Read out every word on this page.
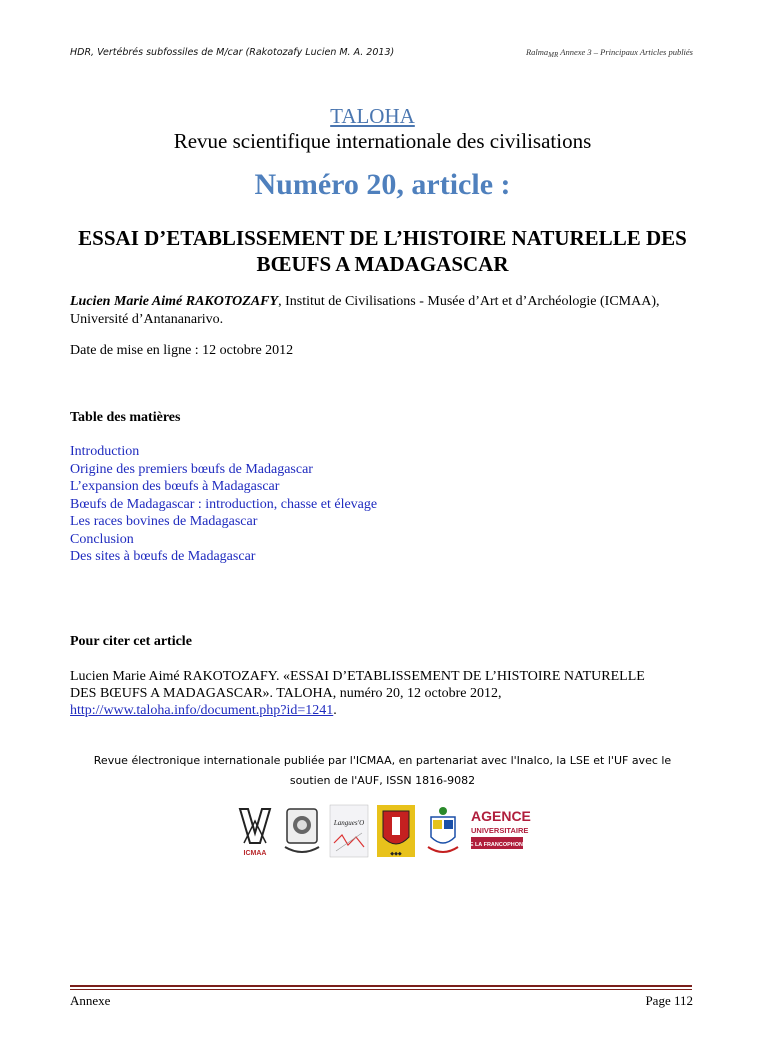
HDR, Vertébrés subfossiles de M/car (Rakotozafy Lucien M. A. 2013)	Ralma$_{MR}$ Annexe 3 – Principaux Articles publiés
TALOHA
Revue scientifique internationale des civilisations
Numéro 20, article :
ESSAI D’ETABLISSEMENT DE L’HISTOIRE NATURELLE DES BŒUFS A MADAGASCAR
Lucien Marie Aimé RAKOTOZAFY, Institut de Civilisations - Musée d’Art et d’Archéologie (ICMAA), Université d’Antananarivo.
Date de mise en ligne : 12 octobre 2012
Table des matières
Introduction
Origine des premiers bœufs de Madagascar
L’expansion des bœufs à Madagascar
Bœufs de Madagascar : introduction, chasse et élevage
Les races bovines de Madagascar
Conclusion
Des sites à bœufs de Madagascar
Pour citer cet article
Lucien Marie Aimé RAKOTOZAFY. «ESSAI D’ETABLISSEMENT DE L’HISTOIRE NATURELLE DES BŒUFS A MADAGASCAR». TALOHA, numéro 20, 12 octobre 2012, http://www.taloha.info/document.php?id=1241.
Revue électronique internationale publiée par l'ICMAA, en partenariat avec l'Inalco, la LSE et l'UF avec le
soutien de l'AUF, ISSN 1816-9082
ICMAA
Langues'O
◆◆◆
AGENCE
UNIVERSITAIRE
DE LA FRANCOPHONIE
Annexe	Page 112
